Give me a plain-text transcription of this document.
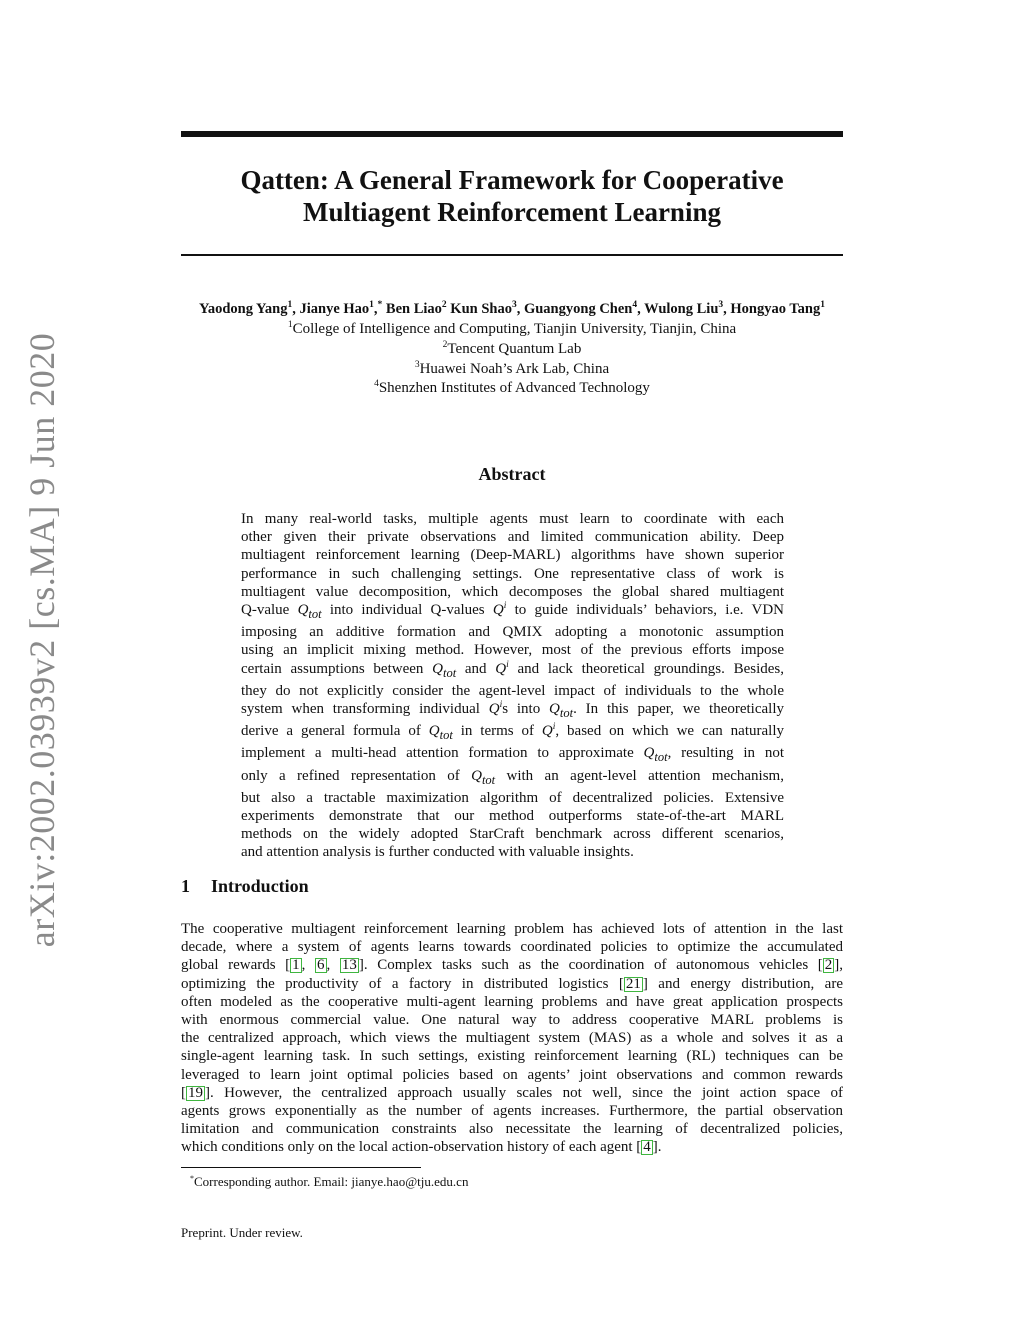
arXiv:2002.03939v2 [cs.MA] 9 Jun 2020
Qatten: A General Framework for Cooperative
Multiagent Reinforcement Learning
Yaodong Yang$^1$, Jianye Hao$^1$,* Ben Liao$^2$ Kun Shao$^3$, Guangyong Chen$^4$, Wulong Liu$^3$, Hongyao Tang$^1$
$^1$College of Intelligence and Computing, Tianjin University, Tianjin, China
$^2$Tencent Quantum Lab
$^3$Huawei Noah’s Ark Lab, China
$^4$Shenzhen Institutes of Advanced Technology
Abstract
In many real-world tasks, multiple agents must learn to coordinate with each
other given their private observations and limited communication ability. Deep
multiagent reinforcement learning (Deep-MARL) algorithms have shown superior
performance in such challenging settings. One representative class of work is
multiagent value decomposition, which decomposes the global shared multiagent
Q-value $Q_{tot}$ into individual Q-values $Q^i$ to guide individuals’ behaviors, i.e. VDN
imposing an additive formation and QMIX adopting a monotonic assumption
using an implicit mixing method. However, most of the previous efforts impose
certain assumptions between $Q_{tot}$ and $Q^i$ and lack theoretical groundings. Besides,
they do not explicitly consider the agent-level impact of individuals to the whole
system when transforming individual $Q^is$ into $Q_{tot}$. In this paper, we theoretically
derive a general formula of $Q_{tot}$ in terms of $Q^i$, based on which we can naturally
implement a multi-head attention formation to approximate $Q_{tot}$, resulting in not
only a refined representation of $Q_{tot}$ with an agent-level attention mechanism,
but also a tractable maximization algorithm of decentralized policies. Extensive
experiments demonstrate that our method outperforms state-of-the-art MARL
methods on the widely adopted StarCraft benchmark across different scenarios,
and attention analysis is further conducted with valuable insights.
1 Introduction
The cooperative multiagent reinforcement learning problem has achieved lots of attention in the last
decade, where a system of agents learns towards coordinated policies to optimize the accumulated
global rewards [ 1 , 6 , 13 ]. Complex tasks such as the coordination of autonomous vehicles [ 2 ],
optimizing the productivity of a factory in distributed logistics [ 21 ] and energy distribution, are
often modeled as the cooperative multi-agent learning problems and have great application prospects
with enormous commercial value. One natural way to address cooperative MARL problems is
the centralized approach, which views the multiagent system (MAS) as a whole and solves it as a
single-agent learning task. In such settings, existing reinforcement learning (RL) techniques can be
leveraged to learn joint optimal policies based on agents’ joint observations and common rewards
[ 19 ]. However, the centralized approach usually scales not well, since the joint action space of
agents grows exponentially as the number of agents increases. Furthermore, the partial observation
limitation and communication constraints also necessitate the learning of decentralized policies,
which conditions only on the local action-observation history of each agent [ 4 ].
*Corresponding author. Email: jianye.hao@tju.edu.cn
Preprint. Under review.
